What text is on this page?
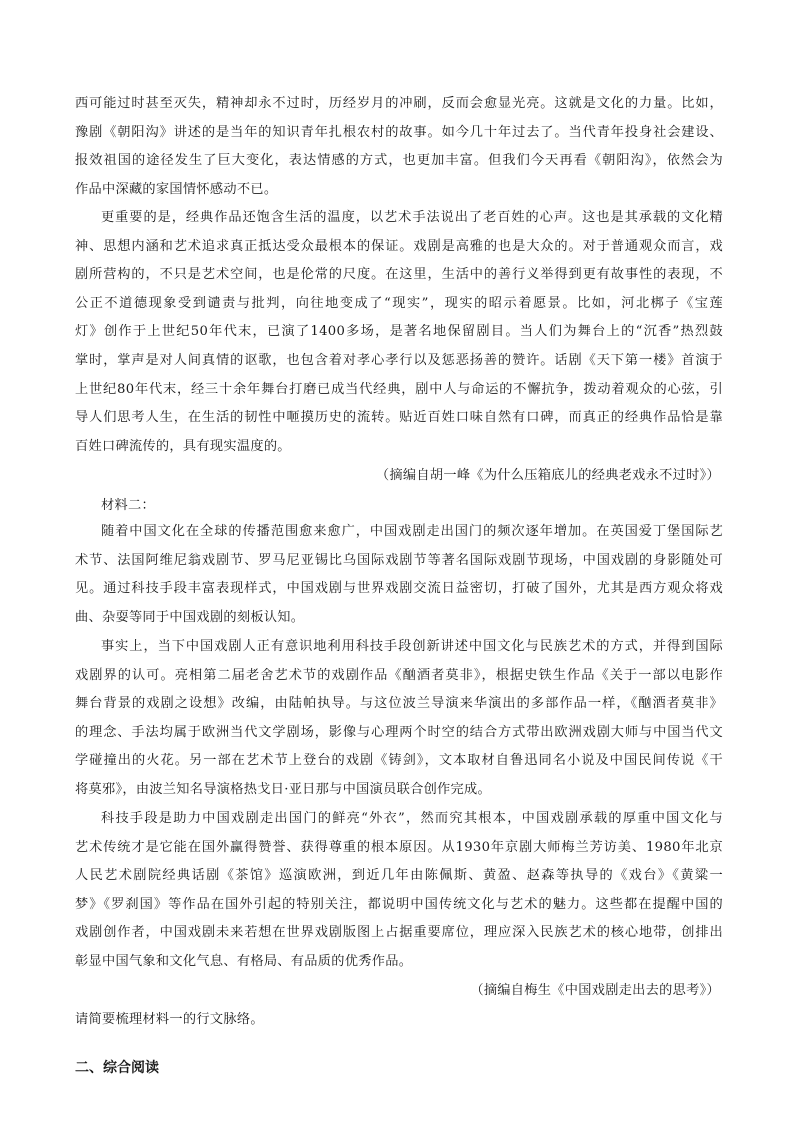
西可能过时甚至灭失，精神却永不过时，历经岁月的冲刷，反而会愈显光亮。这就是文化的力量。比如，

豫剧《朝阳沟》讲述的是当年的知识青年扎根农村的故事。如今几十年过去了。当代青年投身社会建设、

报效祖国的途径发生了巨大变化，表达情感的方式，也更加丰富。但我们今天再看《朝阳沟》，依然会为

作品中深藏的家国情怀感动不已。

更重要的是，经典作品还饱含生活的温度，以艺术手法说出了老百姓的心声。这也是其承载的文化精

神、思想内涵和艺术追求真正抵达受众最根本的保证。戏剧是高雅的也是大众的。对于普通观众而言，戏

剧所营构的，不只是艺术空间，也是伦常的尺度。在这里，生活中的善行义举得到更有故事性的表现，不

公正不道德现象受到谴责与批判，向往地变成了“现实”，现实的昭示着愿景。比如，河北梆子《宝莲

灯》创作于上世纪50年代末，已演了1400多场，是著名地保留剧目。当人们为舞台上的“沉香”热烈鼓

掌时，掌声是对人间真情的讴歌，也包含着对孝心孝行以及惩恶扬善的赞许。话剧《天下第一楼》首演于

上世纪80年代末，经三十余年舞台打磨已成当代经典，剧中人与命运的不懈抗争，拨动着观众的心弦，引

导人们思考人生，在生活的韧性中咂摸历史的流转。贴近百姓口味自然有口碑，而真正的经典作品恰是靠

百姓口碑流传的，具有现实温度的。

（摘编自胡一峰《为什么压箱底儿的经典老戏永不过时》）

材料二：

随着中国文化在全球的传播范围愈来愈广，中国戏剧走出国门的频次逐年增加。在英国爱丁堡国际艺

术节、法国阿维尼翁戏剧节、罗马尼亚锡比乌国际戏剧节等著名国际戏剧节现场，中国戏剧的身影随处可

见。通过科技手段丰富表现样式，中国戏剧与世界戏剧交流日益密切，打破了国外，尤其是西方观众将戏

曲、杂耍等同于中国戏剧的刻板认知。

事实上，当下中国戏剧人正有意识地利用科技手段创新讲述中国文化与民族艺术的方式，并得到国际

戏剧界的认可。亮相第二届老舍艺术节的戏剧作品《酗酒者莫非》，根据史铁生作品《关于一部以电影作

舞台背景的戏剧之设想》改编，由陆帕执导。与这位波兰导演来华演出的多部作品一样，《酗酒者莫非》

的理念、手法均属于欧洲当代文学剧场，影像与心理两个时空的结合方式带出欧洲戏剧大师与中国当代文

学碰撞出的火花。另一部在艺术节上登台的戏剧《铸剑》，文本取材自鲁迅同名小说及中国民间传说《干

将莫邪》，由波兰知名导演格热戈日·亚日那与中国演员联合创作完成。

科技手段是助力中国戏剧走出国门的鲜亮“外衣”，然而究其根本，中国戏剧承载的厚重中国文化与

艺术传统才是它能在国外赢得赞誉、获得尊重的根本原因。从1930年京剧大师梅兰芳访美、1980年北京

人民艺术剧院经典话剧《茶馆》巡演欧洲，到近几年由陈佩斯、黄盈、赵森等执导的《戏台》《黄粱一

梦》《罗刹国》等作品在国外引起的特别关注，都说明中国传统文化与艺术的魅力。这些都在提醒中国的

戏剧创作者，中国戏剧未来若想在世界戏剧版图上占据重要席位，理应深入民族艺术的核心地带，创排出

彰显中国气象和文化气息、有格局、有品质的优秀作品。

（摘编自梅生《中国戏剧走出去的思考》）

请简要梳理材料一的行文脉络。

二、综合阅读
